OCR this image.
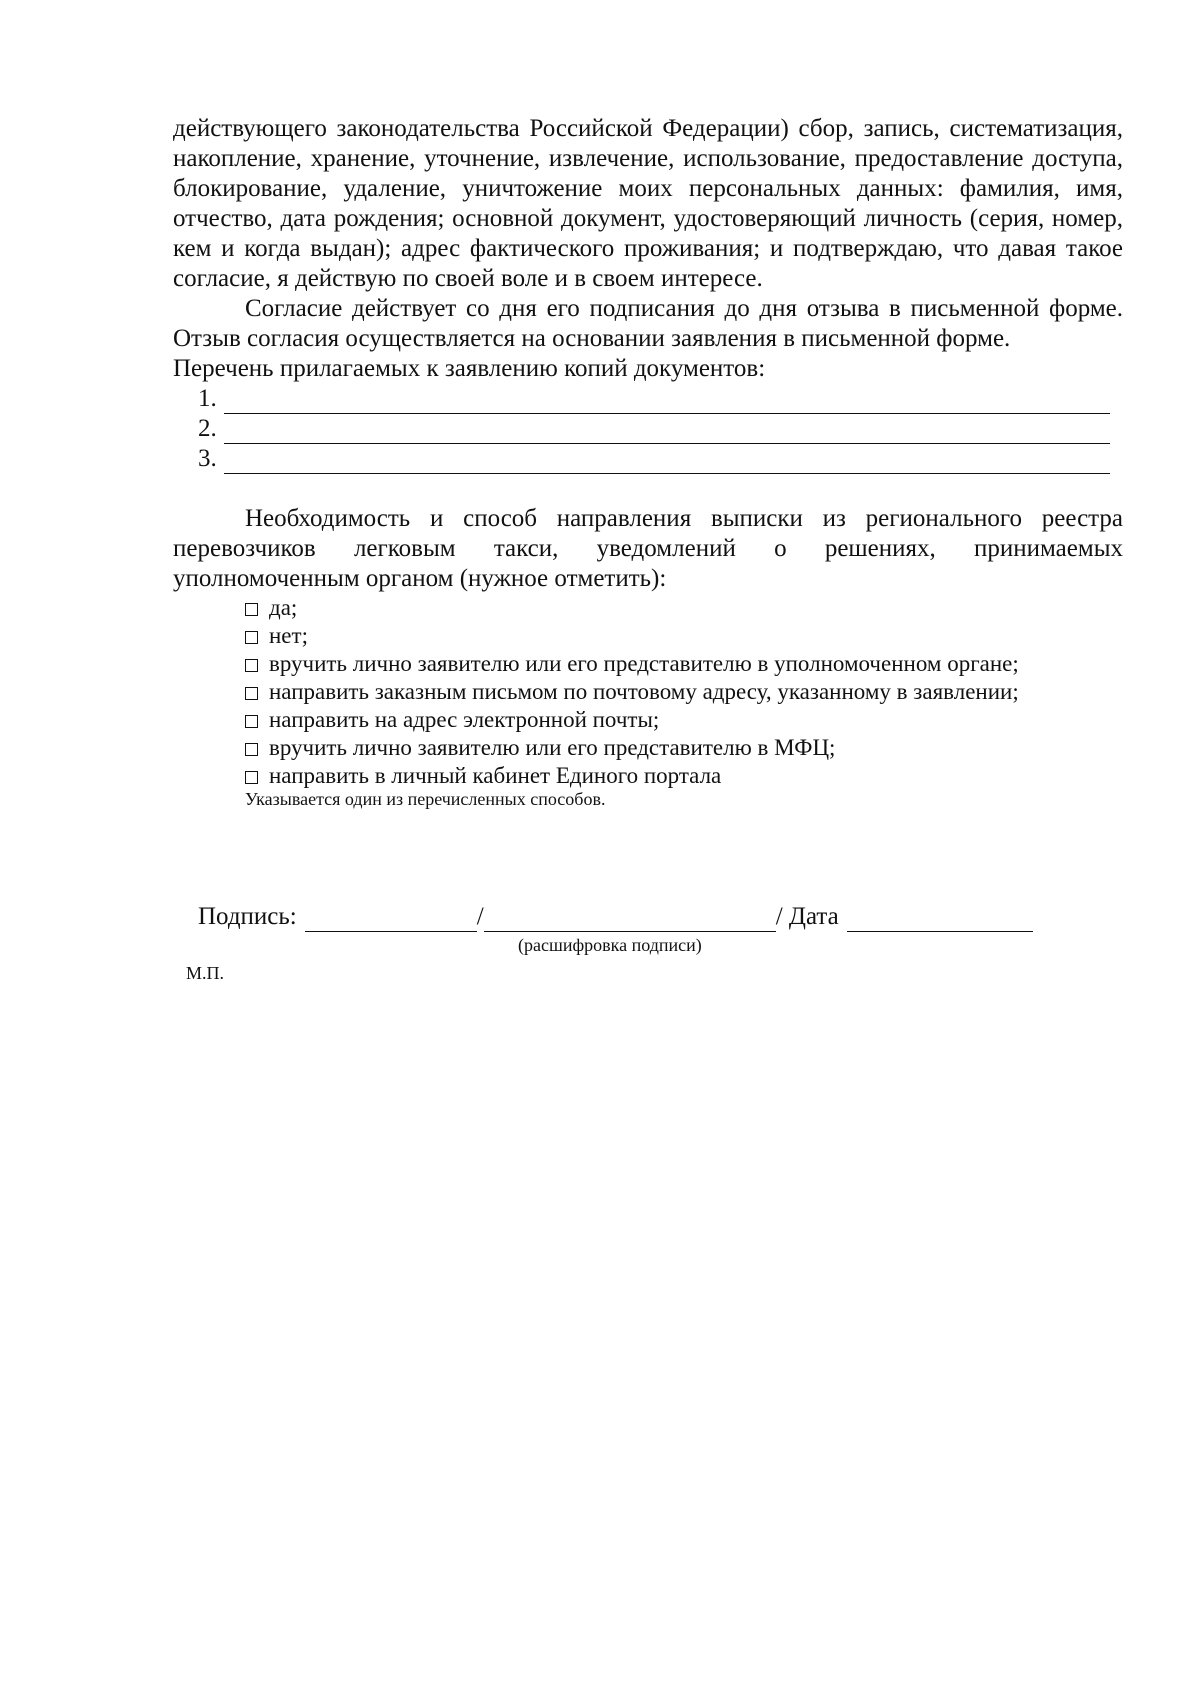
действующего законодательства Российской Федерации) сбор, запись, систематизация, накопление, хранение, уточнение, извлечение, использование, предоставление доступа, блокирование, удаление, уничтожение моих персональных данных: фамилия, имя, отчество, дата рождения; основной документ, удостоверяющий личность (серия, номер, кем и когда выдан); адрес фактического проживания; и подтверждаю, что давая такое согласие, я действую по своей воле и в своем интересе.

Согласие действует со дня его подписания до дня отзыва в письменной форме. Отзыв согласия осуществляется на основании заявления в письменной форме.

Перечень прилагаемых к заявлению копий документов:

1.
2.
3.

Необходимость и способ направления выписки из регионального реестра перевозчиков легковым такси, уведомлений о решениях, принимаемых уполномоченным органом (нужное отметить):

да;
нет;
вручить лично заявителю или его представителю в уполномоченном органе;
направить заказным письмом по почтовому адресу, указанному в заявлении;
направить на адрес электронной почты;
вручить лично заявителю или его представителю в МФЦ;
направить в личный кабинет Единого портала
Указывается один из перечисленных способов.
Подпись:	/	/ Дата
(расшифровка подписи)
М.П.
